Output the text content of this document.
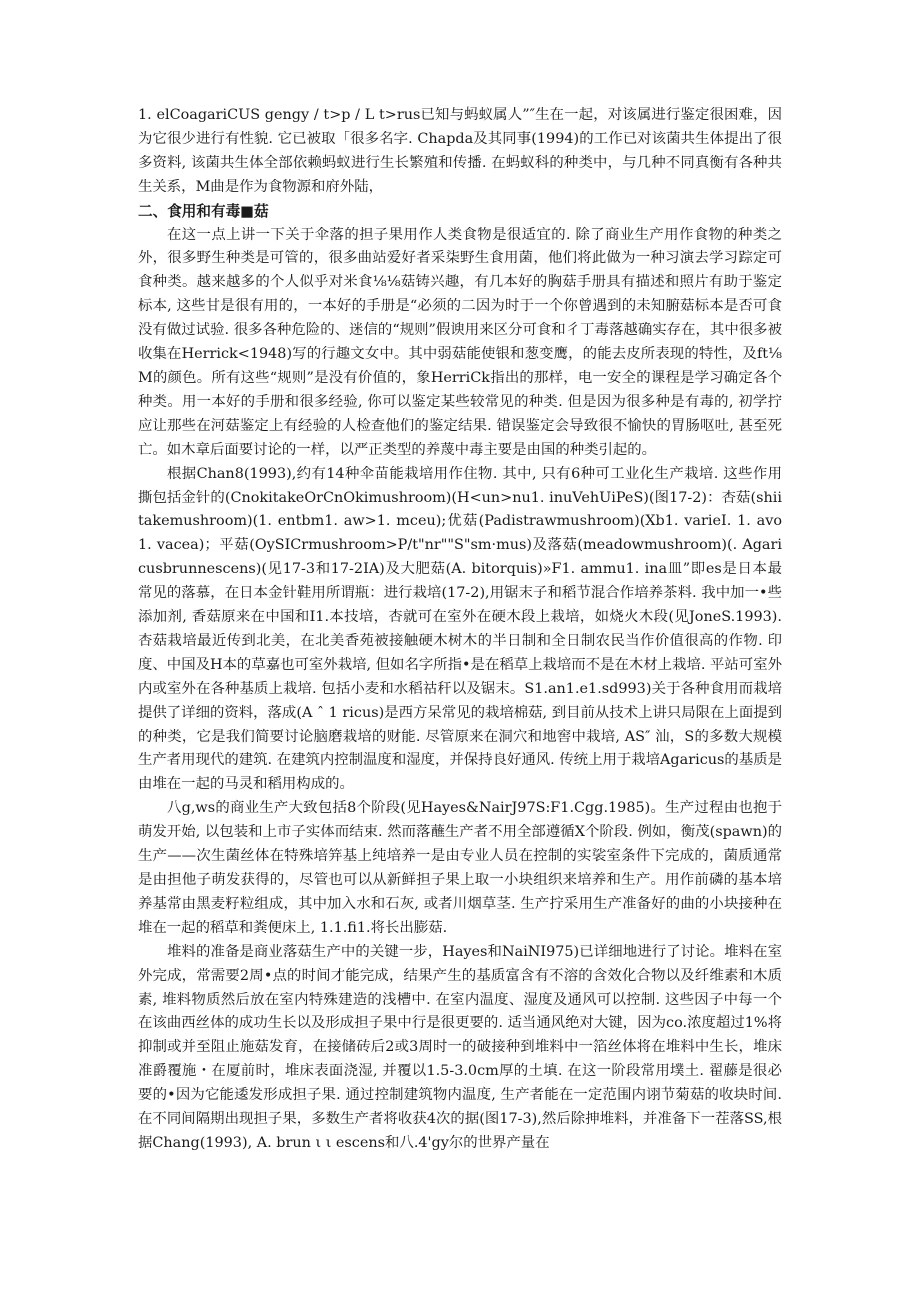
1. elCoagariCUS gengy / t>p / L t>rus已知与蚂蚁属人”″生在一起，对该属进行鉴定很困难，因为它很少进行有性貌. 它已被取「很多名字. Chapda及其同事(1994)的工作已对该菌共生体提出了很多资料, 该菌共生体全部依赖蚂蚁进行生长繁殖和传播. 在蚂蚁科的种类中，与几种不同真衡有各种共生关系，M曲是作为食物源和府外陆，

二、食用和有毒■菇

在这一点上讲一下关于伞落的担子果用作人类食物是很适宜的. 除了商业生产用作食物的种类之外，很多野生种类是可管的，很多曲站爱好者采柒野生食用菌，他们将此做为一种习演去学习踪定可食种类。越来越多的个人似乎对米食⅛⅛菇铸兴趣，有几本好的胸菇手册具有描述和照片有助于鉴定标本, 这些甘是很有用的，一本好的手册是“必须的二因为时于一个你曾遇到的未知腑菇标本是否可食没有做过试验. 很多各种危险的、迷信的“规则”假谀用来区分可食和彳丁毒落越确实存在，其中很多被收集在Herrick<1948)写的行趣文女中。其中弱菇能使银和葱变鹰，的能去皮所表现的特性，及ft⅛M的颜色。所有这些“规则”是没有价值的，象HerriCk指出的那样，电一安全的课程是学习确定各个种类。用一本好的手册和很多经验, 你可以鉴定某些较常见的种类. 但是因为很多种是有毒的, 初学拧应让那些在河菇鉴定上有经验的人检查他们的鉴定结果. 错误鉴定会导致很不愉快的胃肠呕吐, 甚至死亡。如木章后面要讨论的一样，以严正类型的养蔑中毒主要是由国的种类引起的。

根据Chan8(1993),约有14种伞苗能栽培用作住物. 其中, 只有6种可工业化生产栽培. 这些作用撕包括金针的(CnokitakeOrCnOkimushroom)(H<un>nu1. inuVehUiPeS)(图17-2)：杏菇(shiitakemushroom)(1. entbm1. aw>1. mceu);优菇(Padistrawmushroom)(Xb1. varieI. 1. avo1. vacea)；平菇(OySICrmushroom>P/t"nr""S"sm·mus)及落菇(meadowmushroom)(. Agaricusbrunnescens)(见17-3和17-2IA)及大肥菇(A. bitorquis)»F1. ammu1. ina皿”即es是日本最常见的落慕，在日本金针鞋用所谓瓶：进行栽培(17-2),用锯末子和稻节混合作培养茶料. 我中加一•些添加剂, 香菇原来在中国和I1.本技培，杏就可在室外在硬木段上栽培，如烧火木段(见JoneS.1993). 杏菇栽培最近传到北美，在北美香苑被接触硬木树木的半日制和全日制农民当作价值很高的作物. 印度、中国及H本的草嘉也可室外栽培, 但如名字所指•是在稻草上栽培而不是在木材上栽培. 平站可室外内或室外在各种基质上栽培. 包括小麦和水稻祜秆以及锯末。S1.an1.e1.sd993)关于各种食用而栽培提供了详细的资料，落成(A ˆ 1 ricus)是西方呆常见的栽培棉菇, 到目前从技术上讲只局限在上面提到的种类，它是我们简要讨论脑磨栽培的财能. 尽管原来在洞穴和地窖中栽培, AS″ 汕，S的多数大规模生产者用现代的建筑. 在建筑内控制温度和湿度，并保持良好通风. 传统上用于栽培Agaricus的基质是由堆在一起的马灵和稻用构成的。

八g,ws的商业生产大致包括8个阶段(见Hayes&NairJ97S:F1.Cgg.1985)。生产过程由也抱于萌发开始, 以包装和上市子实体而结束. 然而落蘸生产者不用全部遵循X个阶段. 例如，衡茂(spawn)的生产——次生菌丝体在特殊培笄基上纯培养一是由专业人员在控制的实裟室条件下完成的，菌质通常是由担他子萌发获得的，尽管也可以从新鲜担子果上取一小块组织来培养和生产。用作前磷的基本培养基常由黑麦籽粒组成，其中加入水和石灰, 或者川烟草茎. 生产拧采用生产准备好的曲的小块接种在堆在一起的稻草和粪便床上, 1.1.fi1.将长出膨菇.

堆料的准备是商业落菇生产中的关键一步，Hayes和NaiNI975)已详细地进行了讨论。堆料在室外完成，常需要2周•点的时间才能完成，结果产生的基质富含有不溶的含效化合物以及纤维素和木质素, 堆料物质然后放在室内特殊建造的浅槽中. 在室内温度、湿度及通风可以控制. 这些因子中每一个在该曲西丝体的成功生长以及形成担子果中行是很更要的. 适当通风绝对大键，因为co.浓度超过1%将抑制或并至阻止施菇发育，在接储砖后2或3周时一的破接种到堆料中一箔丝体将在堆料中生长，堆床准爵覆施・在厦前时，堆床表面浇湿, 并覆以1.5-3.0cm厚的土填. 在这一阶段常用墣土. 翟藤是很必要的•因为它能逶发形成担子果. 通过控制建筑物内温度, 生产者能在一定范围内诩节菊菇的收块时间. 在不同间隔期出现担子果，多数生产者将收获4次的据(图17-3),然后除抻堆料，并准备下一茬落SS,根据Chang(1993), A. brun ι ι escens和八.4'gy尔的世界产量在
